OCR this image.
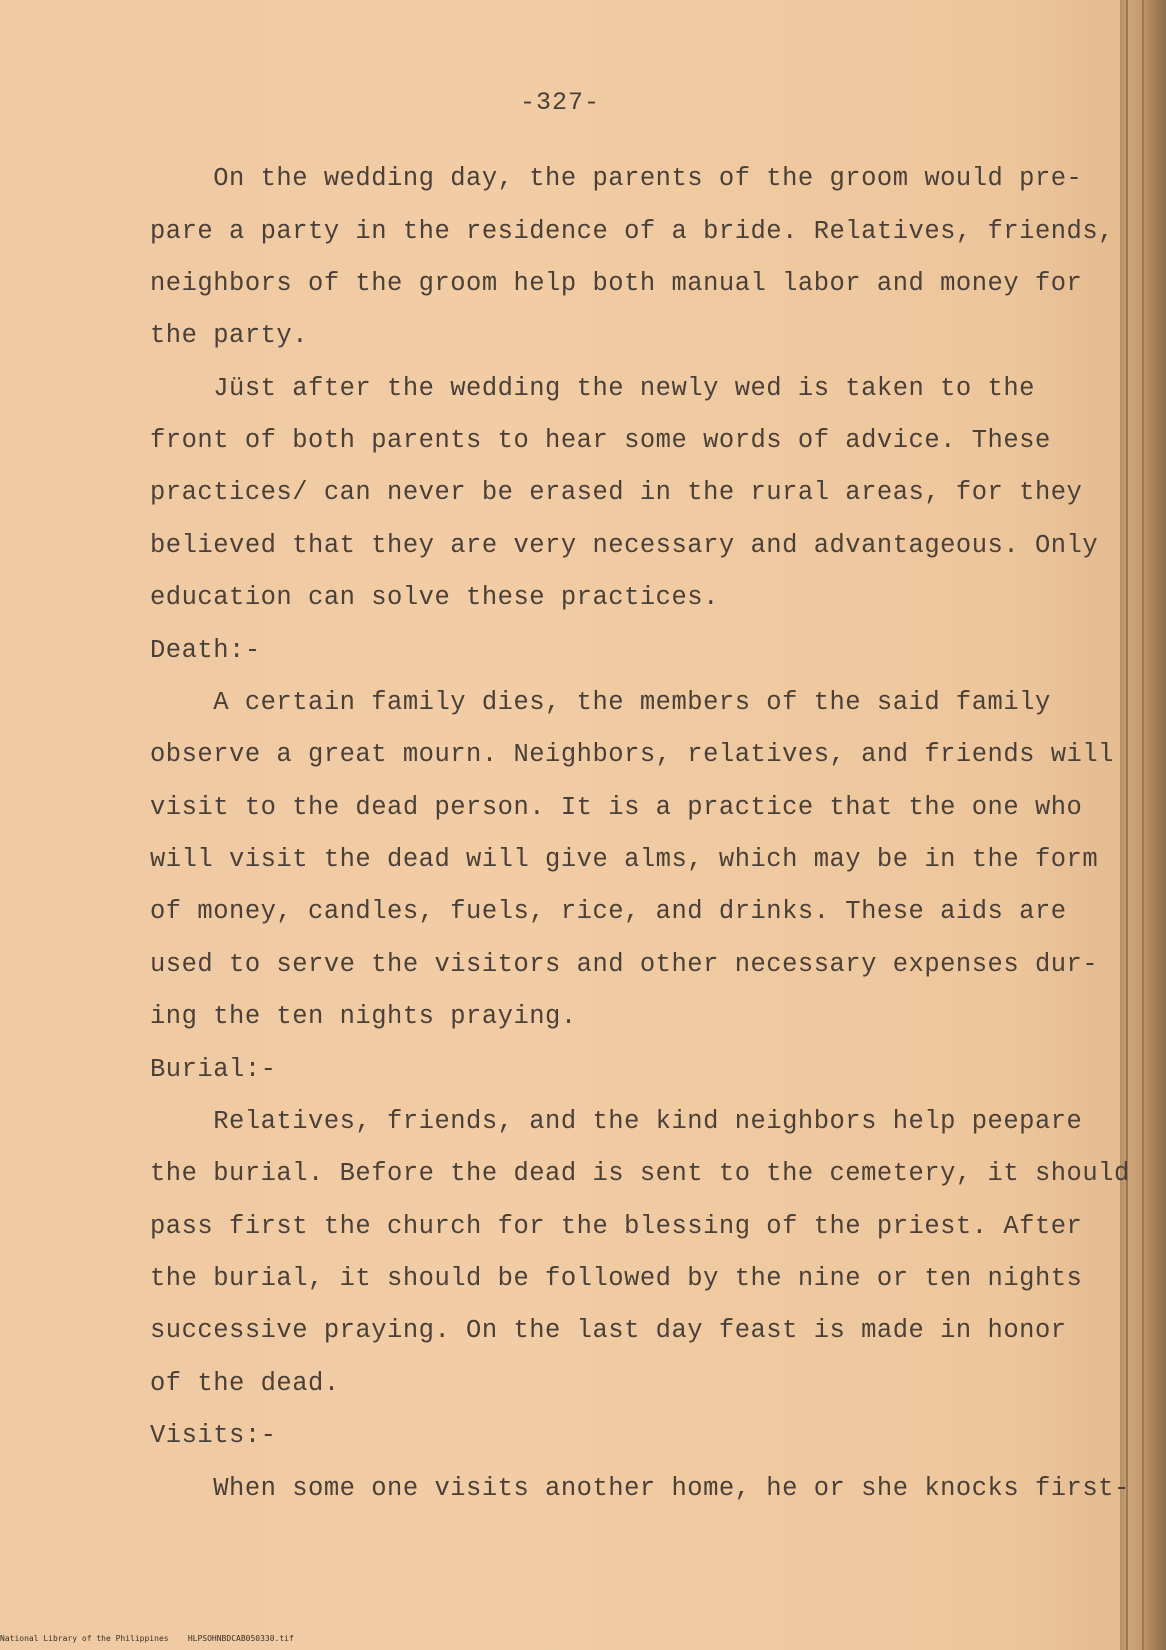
-327-

On the wedding day, the parents of the groom would pre-

pare a party in the residence of a bride. Relatives, friends,

neighbors of the groom help both manual labor and money for

the party.

Jüst after the wedding the newly wed is taken to the

front of both parents to hear some words of advice. These

practices/ can never be erased in the rural areas, for they

believed that they are very necessary and advantageous. Only

education can solve these practices.

Death:-

A certain family dies, the members of the said family

observe a great mourn. Neighbors, relatives, and friends will

visit to the dead person. It is a practice that the one who

will visit the dead will give alms, which may be in the form

of money, candles, fuels, rice, and drinks. These aids are

used to serve the visitors and other necessary expenses dur-

ing the ten nights praying.

Burial:-

Relatives, friends, and the kind neighbors help peepare

the burial. Before the dead is sent to the cemetery, it should

pass first the church for the blessing of the priest. After

the burial, it should be followed by the nine or ten nights

successive praying. On the last day feast is made in honor

of the dead.

Visits:-

When some one visits another home, he or she knocks first-

National Library of the Philippines    HLPSOHNBDCAB050330.tif
